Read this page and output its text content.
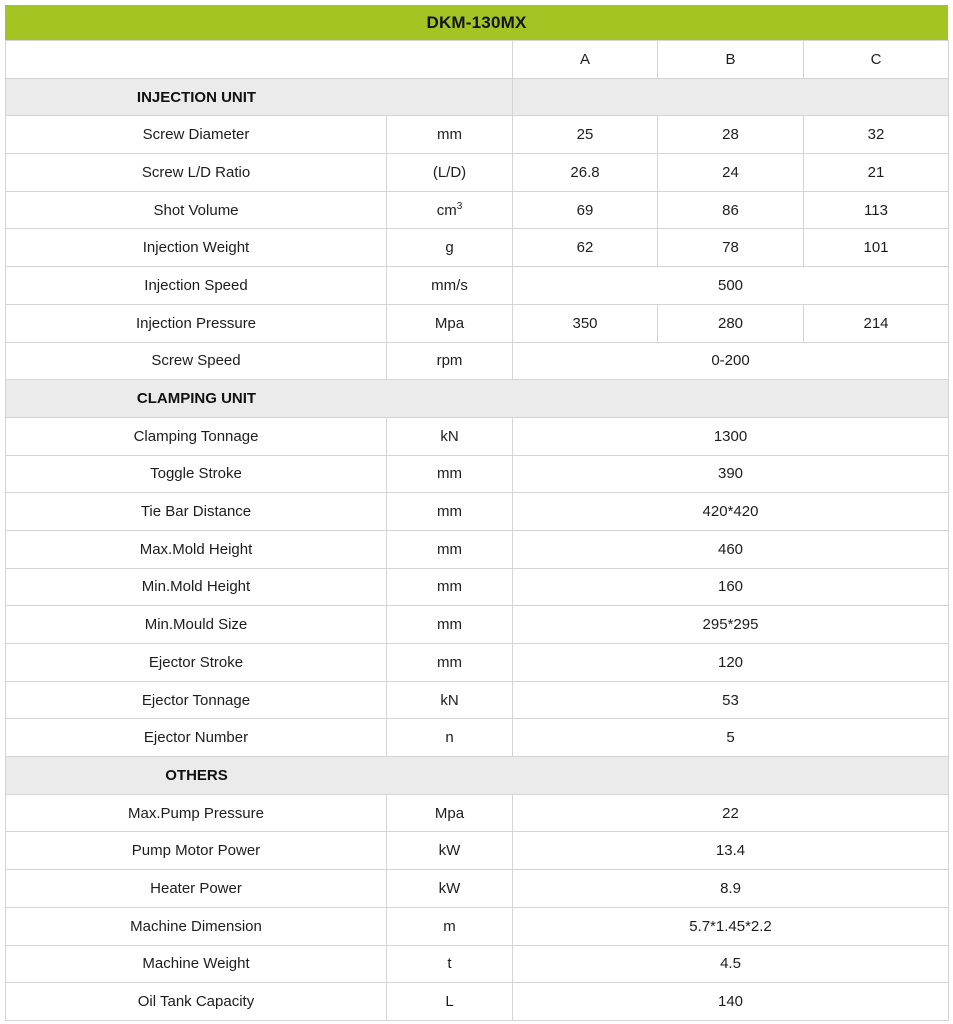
DKM-130MX
		A	B	C

INJECTION UNIT				

Screw Diameter	mm	25	28	32
Screw L/D Ratio	(L/D)	26.8	24	21
Shot Volume	$cm^3$	69	86	113
Injection Weight	g	62	78	101
Injection Speed	mm/s	500		
Injection Pressure	Mpa	350	280	214
Screw Speed	rpm	0-200		

CLAMPING UNIT				

Clamping Tonnage	kN	1300		
Toggle Stroke	mm	390		
Tie Bar Distance	mm	420*420		
Max.Mold Height	mm	460		
Min.Mold Height	mm	160		
Min.Mould Size	mm	295*295		
Ejector Stroke	mm	120		
Ejector Tonnage	kN	53		
Ejector Number	n	5		

OTHERS				

Max.Pump Pressure	Mpa	22		
Pump Motor Power	kW	13.4		
Heater Power	kW	8.9		
Machine Dimension	m	5.7*1.45*2.2		
Machine Weight	t	4.5		
Oil Tank Capacity	L	140		
